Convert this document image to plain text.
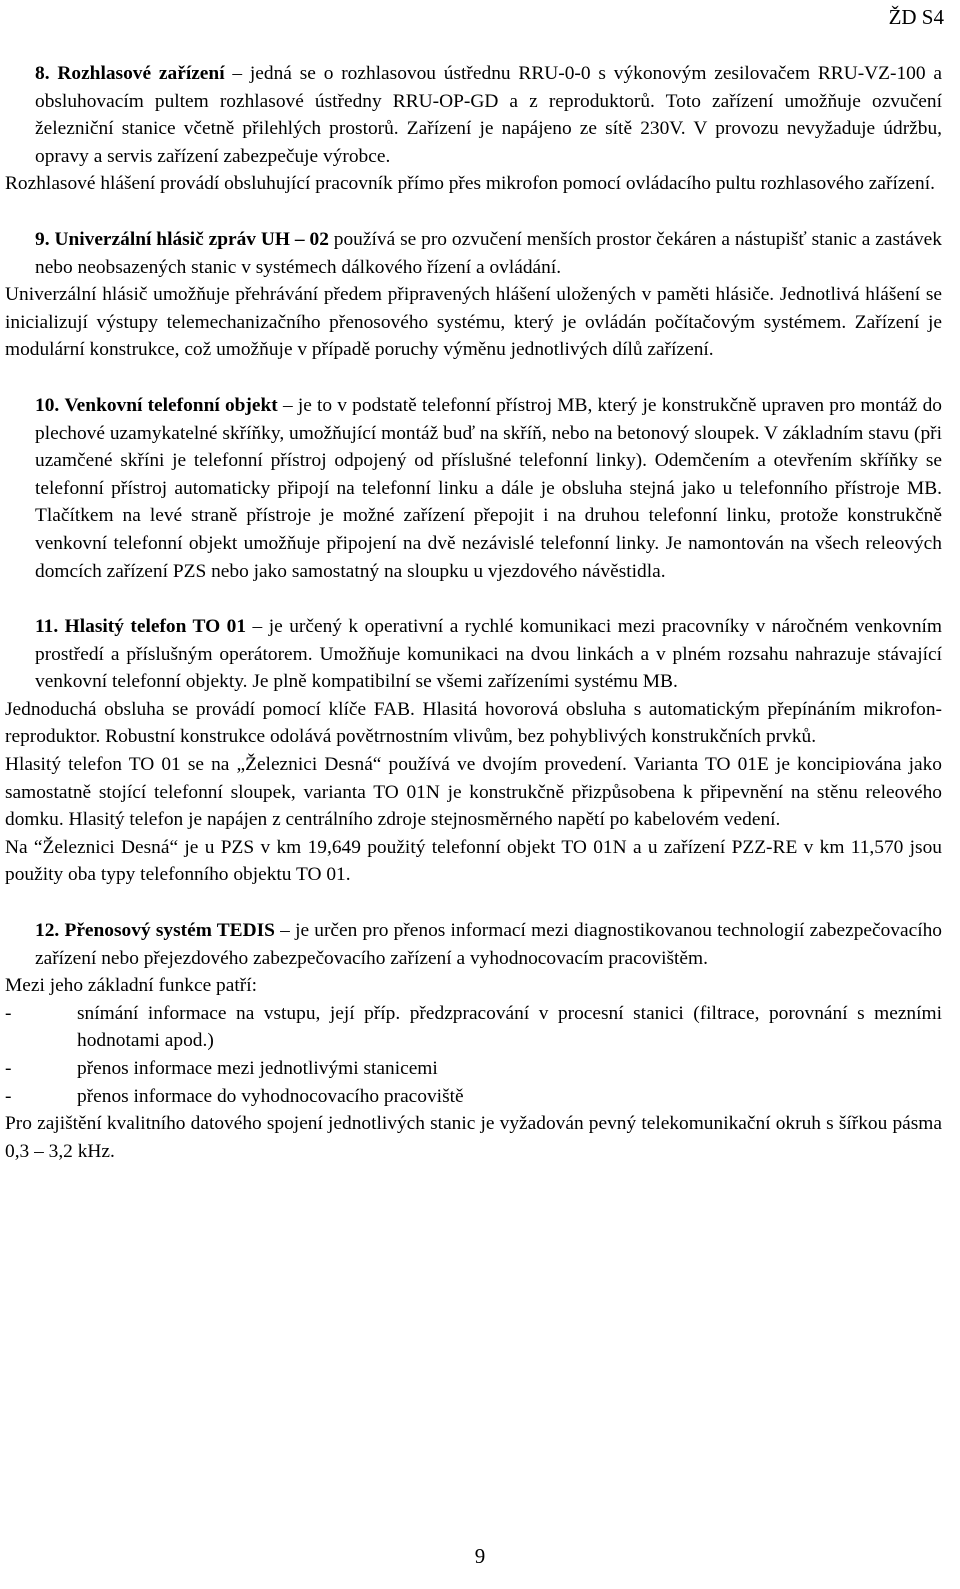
ŽD S4

8. Rozhlasové zařízení – jedná se o rozhlasovou ústřednu RRU-0-0 s výkonovým zesilovačem RRU-VZ-100 a obsluhovacím pultem rozhlasové ústředny RRU-OP-GD a z reproduktorů. Toto zařízení umožňuje ozvučení železniční stanice včetně přilehlých prostorů. Zařízení je napájeno ze sítě 230V. V provozu nevyžaduje údržbu, opravy a servis zařízení zabezpečuje výrobce.

Rozhlasové hlášení provádí obsluhující pracovník přímo přes mikrofon pomocí ovládacího pultu rozhlasového zařízení.

9. Univerzální hlásič zpráv UH – 02 používá se pro ozvučení menších prostor čekáren a nástupišť stanic a zastávek nebo neobsazených stanic v systémech dálkového řízení a ovládání.

Univerzální hlásič umožňuje přehrávání předem připravených hlášení uložených v paměti hlásiče. Jednotlivá hlášení se inicializují výstupy telemechanizačního přenosového systému, který je ovládán počítačovým systémem. Zařízení je modulární konstrukce, což umožňuje v případě poruchy výměnu jednotlivých dílů zařízení.

10. Venkovní telefonní objekt – je to v podstatě telefonní přístroj MB, který je konstrukčně upraven pro montáž do plechové uzamykatelné skříňky, umožňující montáž buď na skříň, nebo na betonový sloupek. V základním stavu (při uzamčené skříni je telefonní přístroj odpojený od příslušné telefonní linky). Odemčením a otevřením skříňky se telefonní přístroj automaticky připojí na telefonní linku a dále je obsluha stejná jako u telefonního přístroje MB. Tlačítkem na levé straně přístroje je možné zařízení přepojit i na druhou telefonní linku, protože konstrukčně venkovní telefonní objekt umožňuje připojení na dvě nezávislé telefonní linky. Je namontován na všech releových domcích zařízení PZS nebo jako samostatný na sloupku u vjezdového návěstidla.

11. Hlasitý telefon TO 01 – je určený k operativní a rychlé komunikaci mezi pracovníky v náročném venkovním prostředí a příslušným operátorem. Umožňuje komunikaci na dvou linkách a v plném rozsahu nahrazuje stávající venkovní telefonní objekty. Je plně kompatibilní se všemi zařízeními systému MB.

Jednoduchá obsluha se provádí pomocí klíče FAB. Hlasitá hovorová obsluha s automatickým přepínáním mikrofon-reproduktor. Robustní konstrukce odolává povětrnostním vlivům, bez pohyblivých konstrukčních prvků.

Hlasitý telefon TO 01 se na „Železnici Desná“ používá ve dvojím provedení. Varianta TO 01E je koncipiována jako samostatně stojící telefonní sloupek, varianta TO 01N je konstrukčně přizpůsobena k připevnění na stěnu releového domku. Hlasitý telefon je napájen z centrálního zdroje stejnosměrného napětí po kabelovém vedení.

Na “Železnici Desná“ je u PZS v km 19,649 použitý telefonní objekt TO 01N a u zařízení PZZ-RE v km 11,570 jsou použity oba typy telefonního objektu TO 01.

12. Přenosový systém TEDIS – je určen pro přenos informací mezi diagnostikovanou technologií zabezpečovacího zařízení nebo přejezdového zabezpečovacího zařízení a vyhodnocovacím pracovištěm.

Mezi jeho základní funkce patří:

-	snímání informace na vstupu, její příp. předzpracování v procesní stanici (filtrace, porovnání s mezními hodnotami apod.)
-	přenos informace mezi jednotlivými stanicemi
-	přenos informace do vyhodnocovacího pracoviště

Pro zajištění kvalitního datového spojení jednotlivých stanic je vyžadován pevný telekomunikační okruh s šířkou pásma 0,3 – 3,2 kHz.

9
